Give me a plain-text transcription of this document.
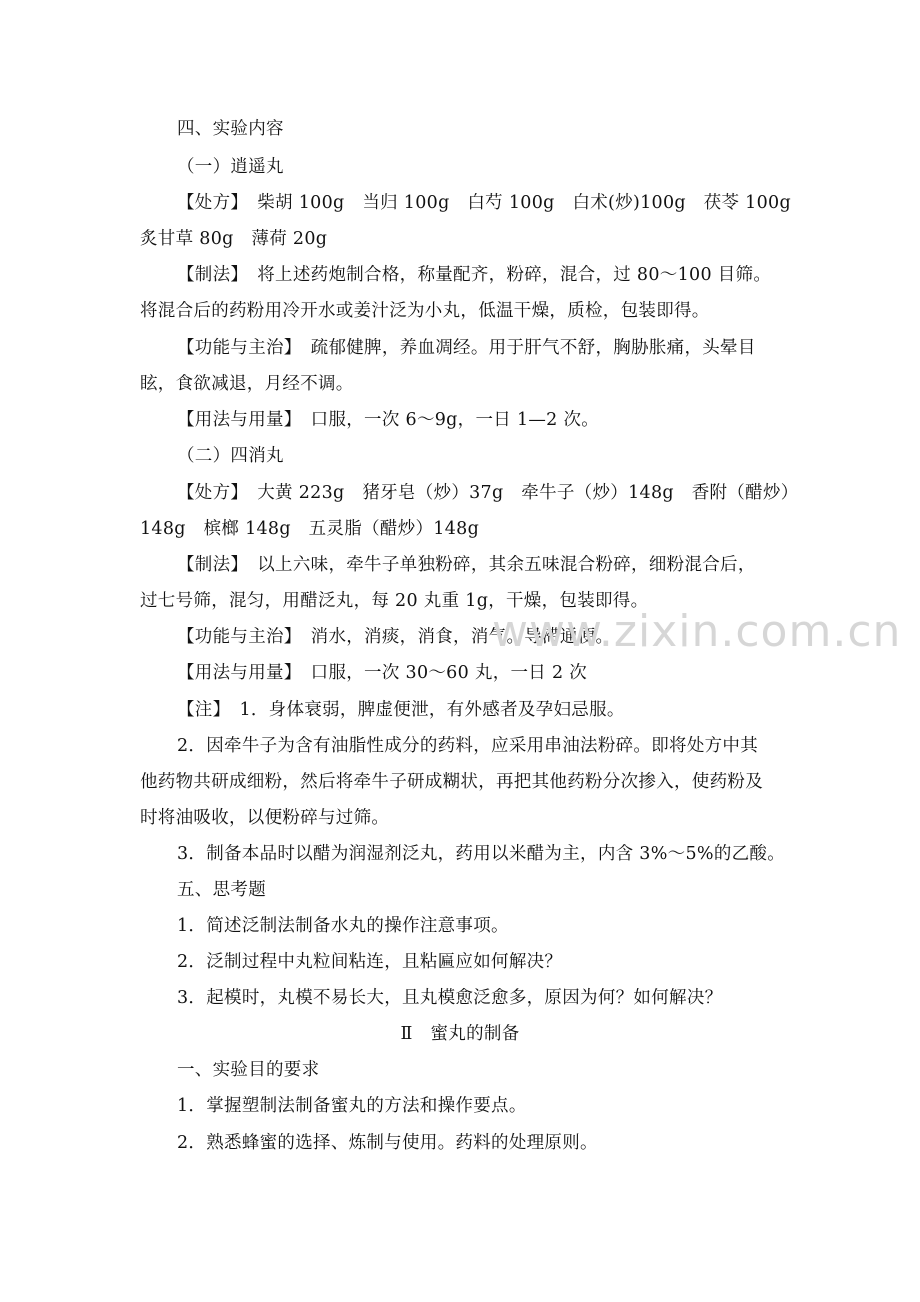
四、实验内容
（一）逍遥丸
【处方】　柴胡 100g　当归 100g　白芍 100g　白术(炒)100g　茯苓 100g
炙甘草 80g　薄荷 20g
【制法】　将上述药炮制合格，称量配齐，粉碎，混合，过 80～100 目筛。
将混合后的药粉用冷开水或姜汁泛为小丸，低温干燥，质检，包装即得。
【功能与主治】　疏郁健脾，养血凋经。用于肝气不舒，胸胁胀痛，头晕目
眩，食欲减退，月经不调。
【用法与用量】　口服，一次 6～9g，一日 1—2 次。
（二）四消丸
【处方】　大黄 223g　猪牙皂（炒）37g　牵牛子（炒）148g　香附（醋炒）
148g　槟榔 148g　五灵脂（醋炒）148g
【制法】　以上六味，牵牛子单独粉碎，其余五味混合粉碎，细粉混合后，
过七号筛，混匀，用醋泛丸，每 20 丸重 1g，干燥，包装即得。
【功能与主治】　消水，消痰，消食，消气。导滞通便。
【用法与用量】　口服，一次 30～60 丸，一日 2 次
【注】　1．身体衰弱，脾虚便泄，有外感者及孕妇忌服。
2．因牵牛子为含有油脂性成分的药料，应采用串油法粉碎。即将处方中其
他药物共研成细粉，然后将牵牛子研成糊状，再把其他药粉分次掺入，使药粉及
时将油吸收，以便粉碎与过筛。
3．制备本品时以醋为润湿剂泛丸，药用以米醋为主，内含 3%～5%的乙酸。
五、思考题
1．简述泛制法制备水丸的操作注意事项。
2．泛制过程中丸粒间粘连，且粘匾应如何解决？
3．起模时，丸模不易长大，且丸模愈泛愈多，原因为何？如何解决？
Ⅱ　蜜丸的制备
一、实验目的要求
1．掌握塑制法制备蜜丸的方法和操作要点。
2．熟悉蜂蜜的选择、炼制与使用。药料的处理原则。
www.zixin.com.cn
